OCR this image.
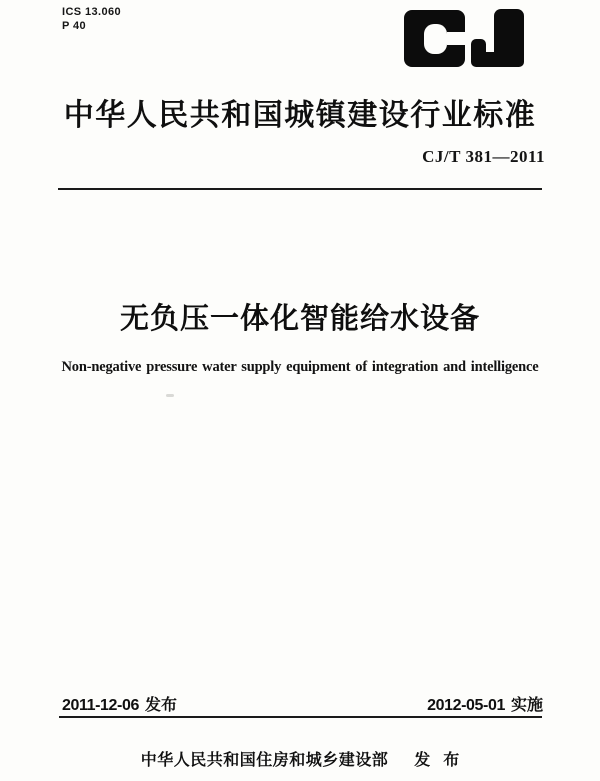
ICS 13.060
P 40
中华人民共和国城镇建设行业标准
CJ/T 381—2011
无负压一体化智能给水设备
Non-negative pressure water supply equipment of integration and intelligence
2011-12-06 发布	2012-05-01 实施
中华人民共和国住房和城乡建设部 发布
